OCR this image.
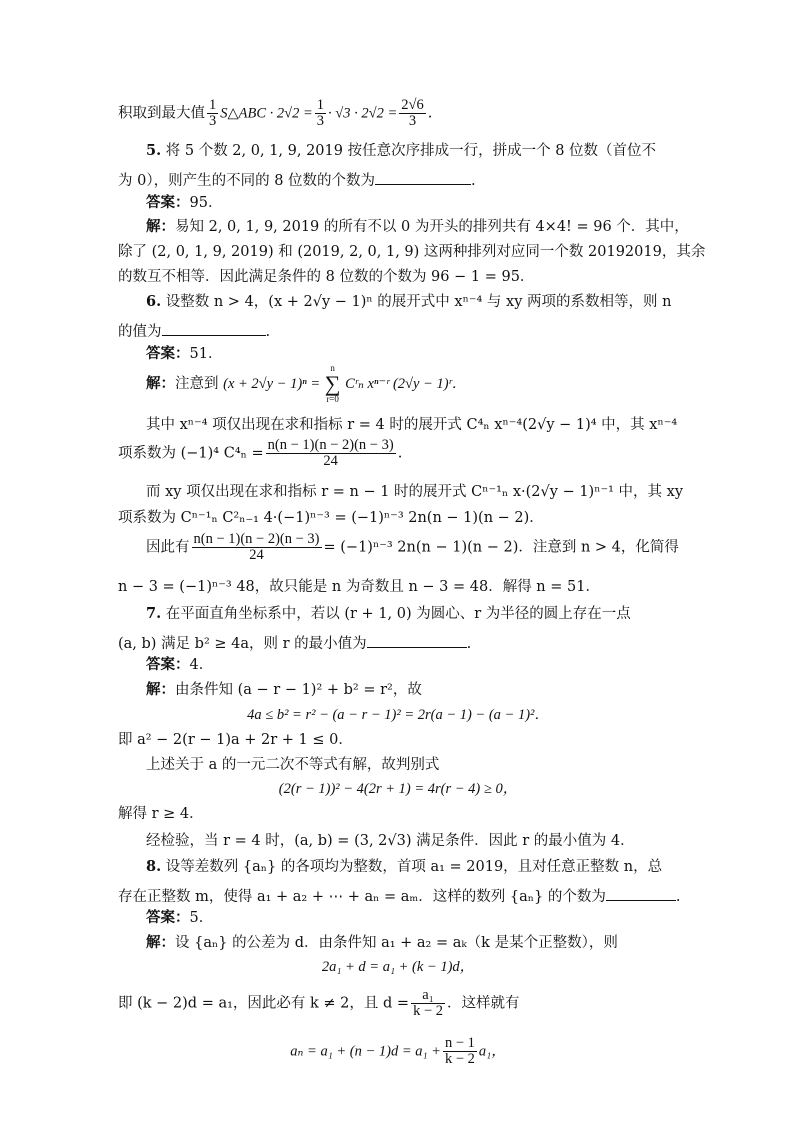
积取到最大值 $\frac{1}{3}$ S△ABC · $2√2 = \frac{1}{3} \cdot √3 \cdot 2√2 = \frac{2√6}{3}$ .
5. 将 5 个数 2, 0, 1, 9, 2019 按任意次序排成一行，拼成一个 8 位数（首位不
为 0），则产生的不同的 8 位数的个数为	.
答案：95．
解：易知 2, 0, 1, 9, 2019 的所有不以 0 为开头的排列共有 4×4! = 96 个．其中，
除了 (2, 0, 1, 9, 2019) 和 (2019, 2, 0, 1, 9) 这两种排列对应同一个数 20192019，其余
的数互不相等．因此满足条件的 8 位数的个数为 96 − 1 = 95．
6. 设整数 n > 4，(x + 2√y − 1)ⁿ 的展开式中 xⁿ⁻⁴ 与 xy 两项的系数相等，则 n
的值为	.
答案：51．
解：注意到 (x + 2√y − 1)ⁿ =
n
∑
r=0
Cʳₙ xⁿ⁻ʳ (2√y − 1)ʳ．
其中 xⁿ⁻⁴ 项仅出现在求和指标 r = 4 时的展开式 C⁴ₙ xⁿ⁻⁴(2√y − 1)⁴ 中，其 xⁿ⁻⁴
项系数为 (−1)⁴ $C^4_n = \frac{n(n - 1)(n - 2)(n - 3)}{24}$ .
而 xy 项仅出现在求和指标 r = n − 1 时的展开式 Cⁿ⁻¹ₙ x·(2√y − 1)ⁿ⁻¹ 中，其 xy
项系数为 Cⁿ⁻¹ₙ C²ₙ₋₁ 4·(−1)ⁿ⁻³ = (−1)ⁿ⁻³ 2n(n − 1)(n − 2)．
因此有 $\frac{n(n - 1)(n - 2)(n - 3)}{24} = (-1)^{n-3}$ 2n(n − 1)(n − 2)．注意到 n > 4，化简得
n − 3 = (−1)ⁿ⁻³ 48，故只能是 n 为奇数且 n − 3 = 48．解得 n = 51．
7. 在平面直角坐标系中，若以 (r + 1, 0) 为圆心、r 为半径的圆上存在一点
(a, b) 满足 b² ≥ 4a，则 r 的最小值为	.
答案：4．
解：由条件知 (a − r − 1)² + b² = r²，故
4a ≤ b² = r² − (a − r − 1)² = 2r(a − 1) − (a − 1)²．
即 a² − 2(r − 1)a + 2r + 1 ≤ 0．
上述关于 a 的一元二次不等式有解，故判别式
(2(r − 1))² − 4(2r + 1) = 4r(r − 4) ≥ 0，
解得 r ≥ 4．
经检验，当 r = 4 时，(a, b) = (3, 2√3) 满足条件．因此 r 的最小值为 4．
8. 设等差数列 {aₙ} 的各项均为整数，首项 a₁ = 2019，且对任意正整数 n，总
存在正整数 m，使得 a₁ + a₂ + ⋯ + aₙ = aₘ．这样的数列 {aₙ} 的个数为	.
答案：5．
解：设 {aₙ} 的公差为 d．由条件知 a₁ + a₂ = aₖ（k 是某个正整数），则
2a₁ + d = a₁ + (k − 1)d，
即 (k − 2)d = a₁，因此必有 k ≠ 2，且 $d = \frac{\text{a₁}}{k - 2}$ ．这样就有
$a_n = a_1 + (n - 1)d = a_1 + \frac{n - 1}{k - 2} a_1$，
